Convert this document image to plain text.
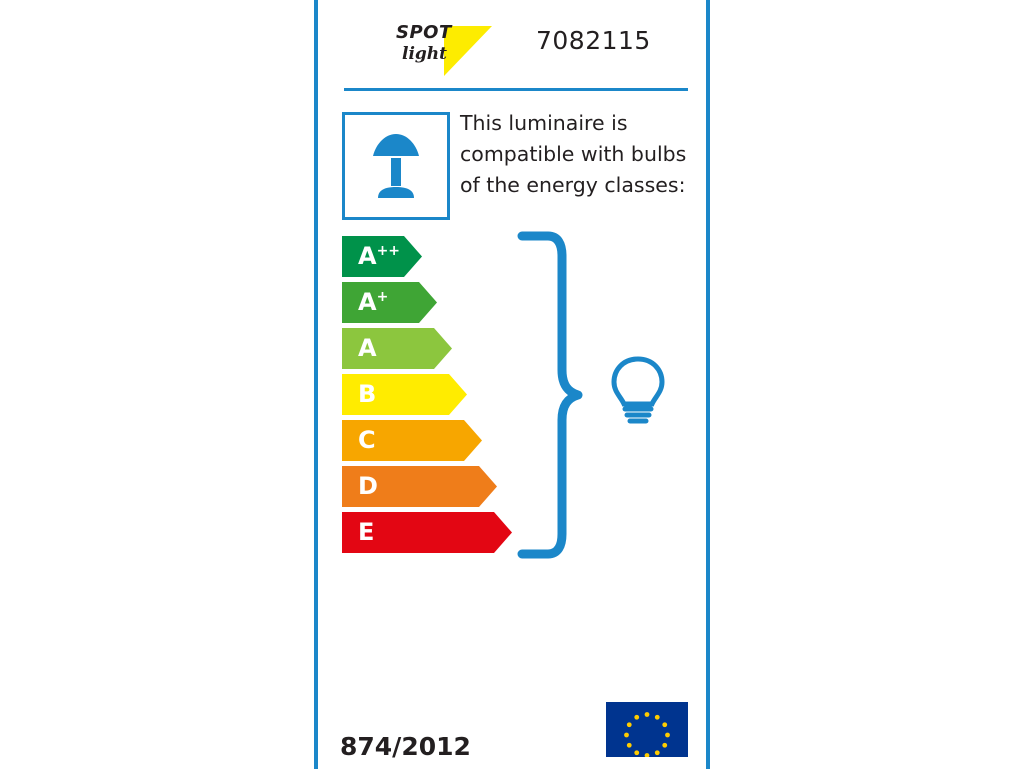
SPOT
light	7082115
This luminaire is compatible with bulbs of the energy classes:
A++
A+
A
B
C
D
E
874/2012
